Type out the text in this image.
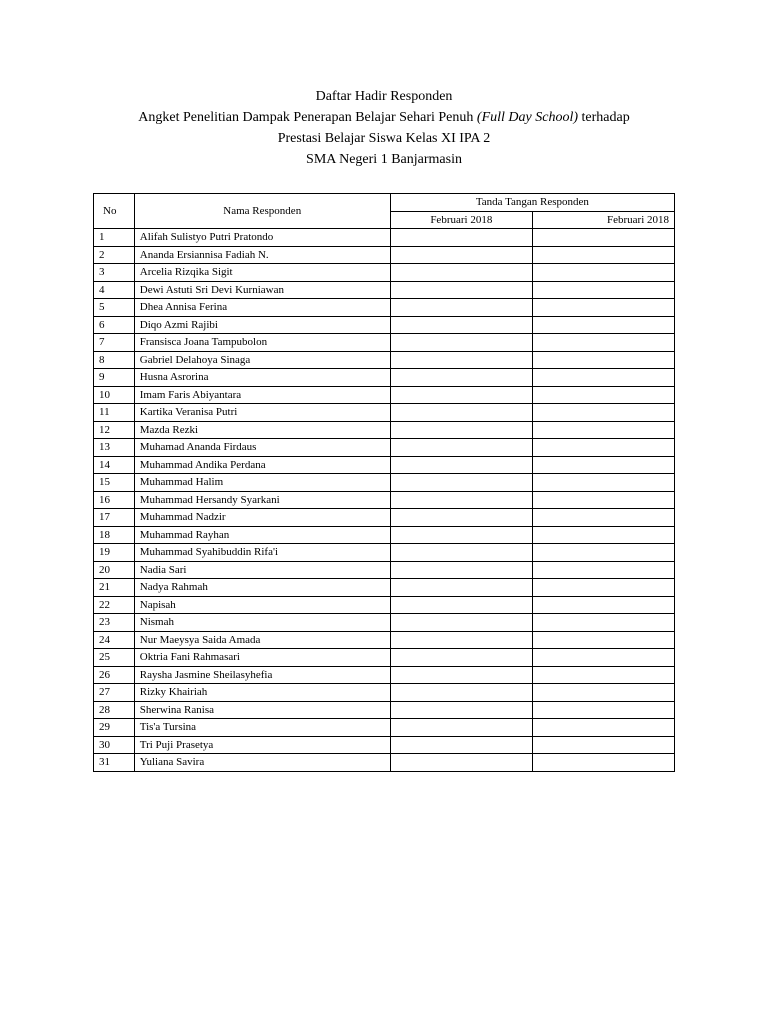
Daftar Hadir Responden
Angket Penelitian Dampak Penerapan Belajar Sehari Penuh (Full Day School) terhadap
Prestasi Belajar Siswa Kelas XI IPA 2
SMA Negeri 1 Banjarmasin
No	Nama Responden	Tanda Tangan Responden	
		Februari 2018	Februari 2018
1	Alifah Sulistyo Putri Pratondo		
2	Ananda Ersiannisa Fadiah N.		
3	Arcelia Rizqika Sigit		
4	Dewi Astuti Sri Devi Kurniawan		
5	Dhea Annisa Ferina		
6	Diqo Azmi Rajibi		
7	Fransisca Joana Tampubolon		
8	Gabriel Delahoya Sinaga		
9	Husna Asrorina		
10	Imam Faris Abiyantara		
11	Kartika Veranisa Putri		
12	Mazda Rezki		
13	Muhamad Ananda Firdaus		
14	Muhammad Andika Perdana		
15	Muhammad Halim		
16	Muhammad Hersandy Syarkani		
17	Muhammad Nadzir		
18	Muhammad Rayhan		
19	Muhammad Syahibuddin Rifa'i		
20	Nadia Sari		
21	Nadya Rahmah		
22	Napisah		
23	Nismah		
24	Nur Maeysya Saida Amada		
25	Oktria Fani Rahmasari		
26	Raysha Jasmine Sheilasyhefia		
27	Rizky Khairiah		
28	Sherwina Ranisa		
29	Tis'a Tursina		
30	Tri Puji Prasetya		
31	Yuliana Savira		
